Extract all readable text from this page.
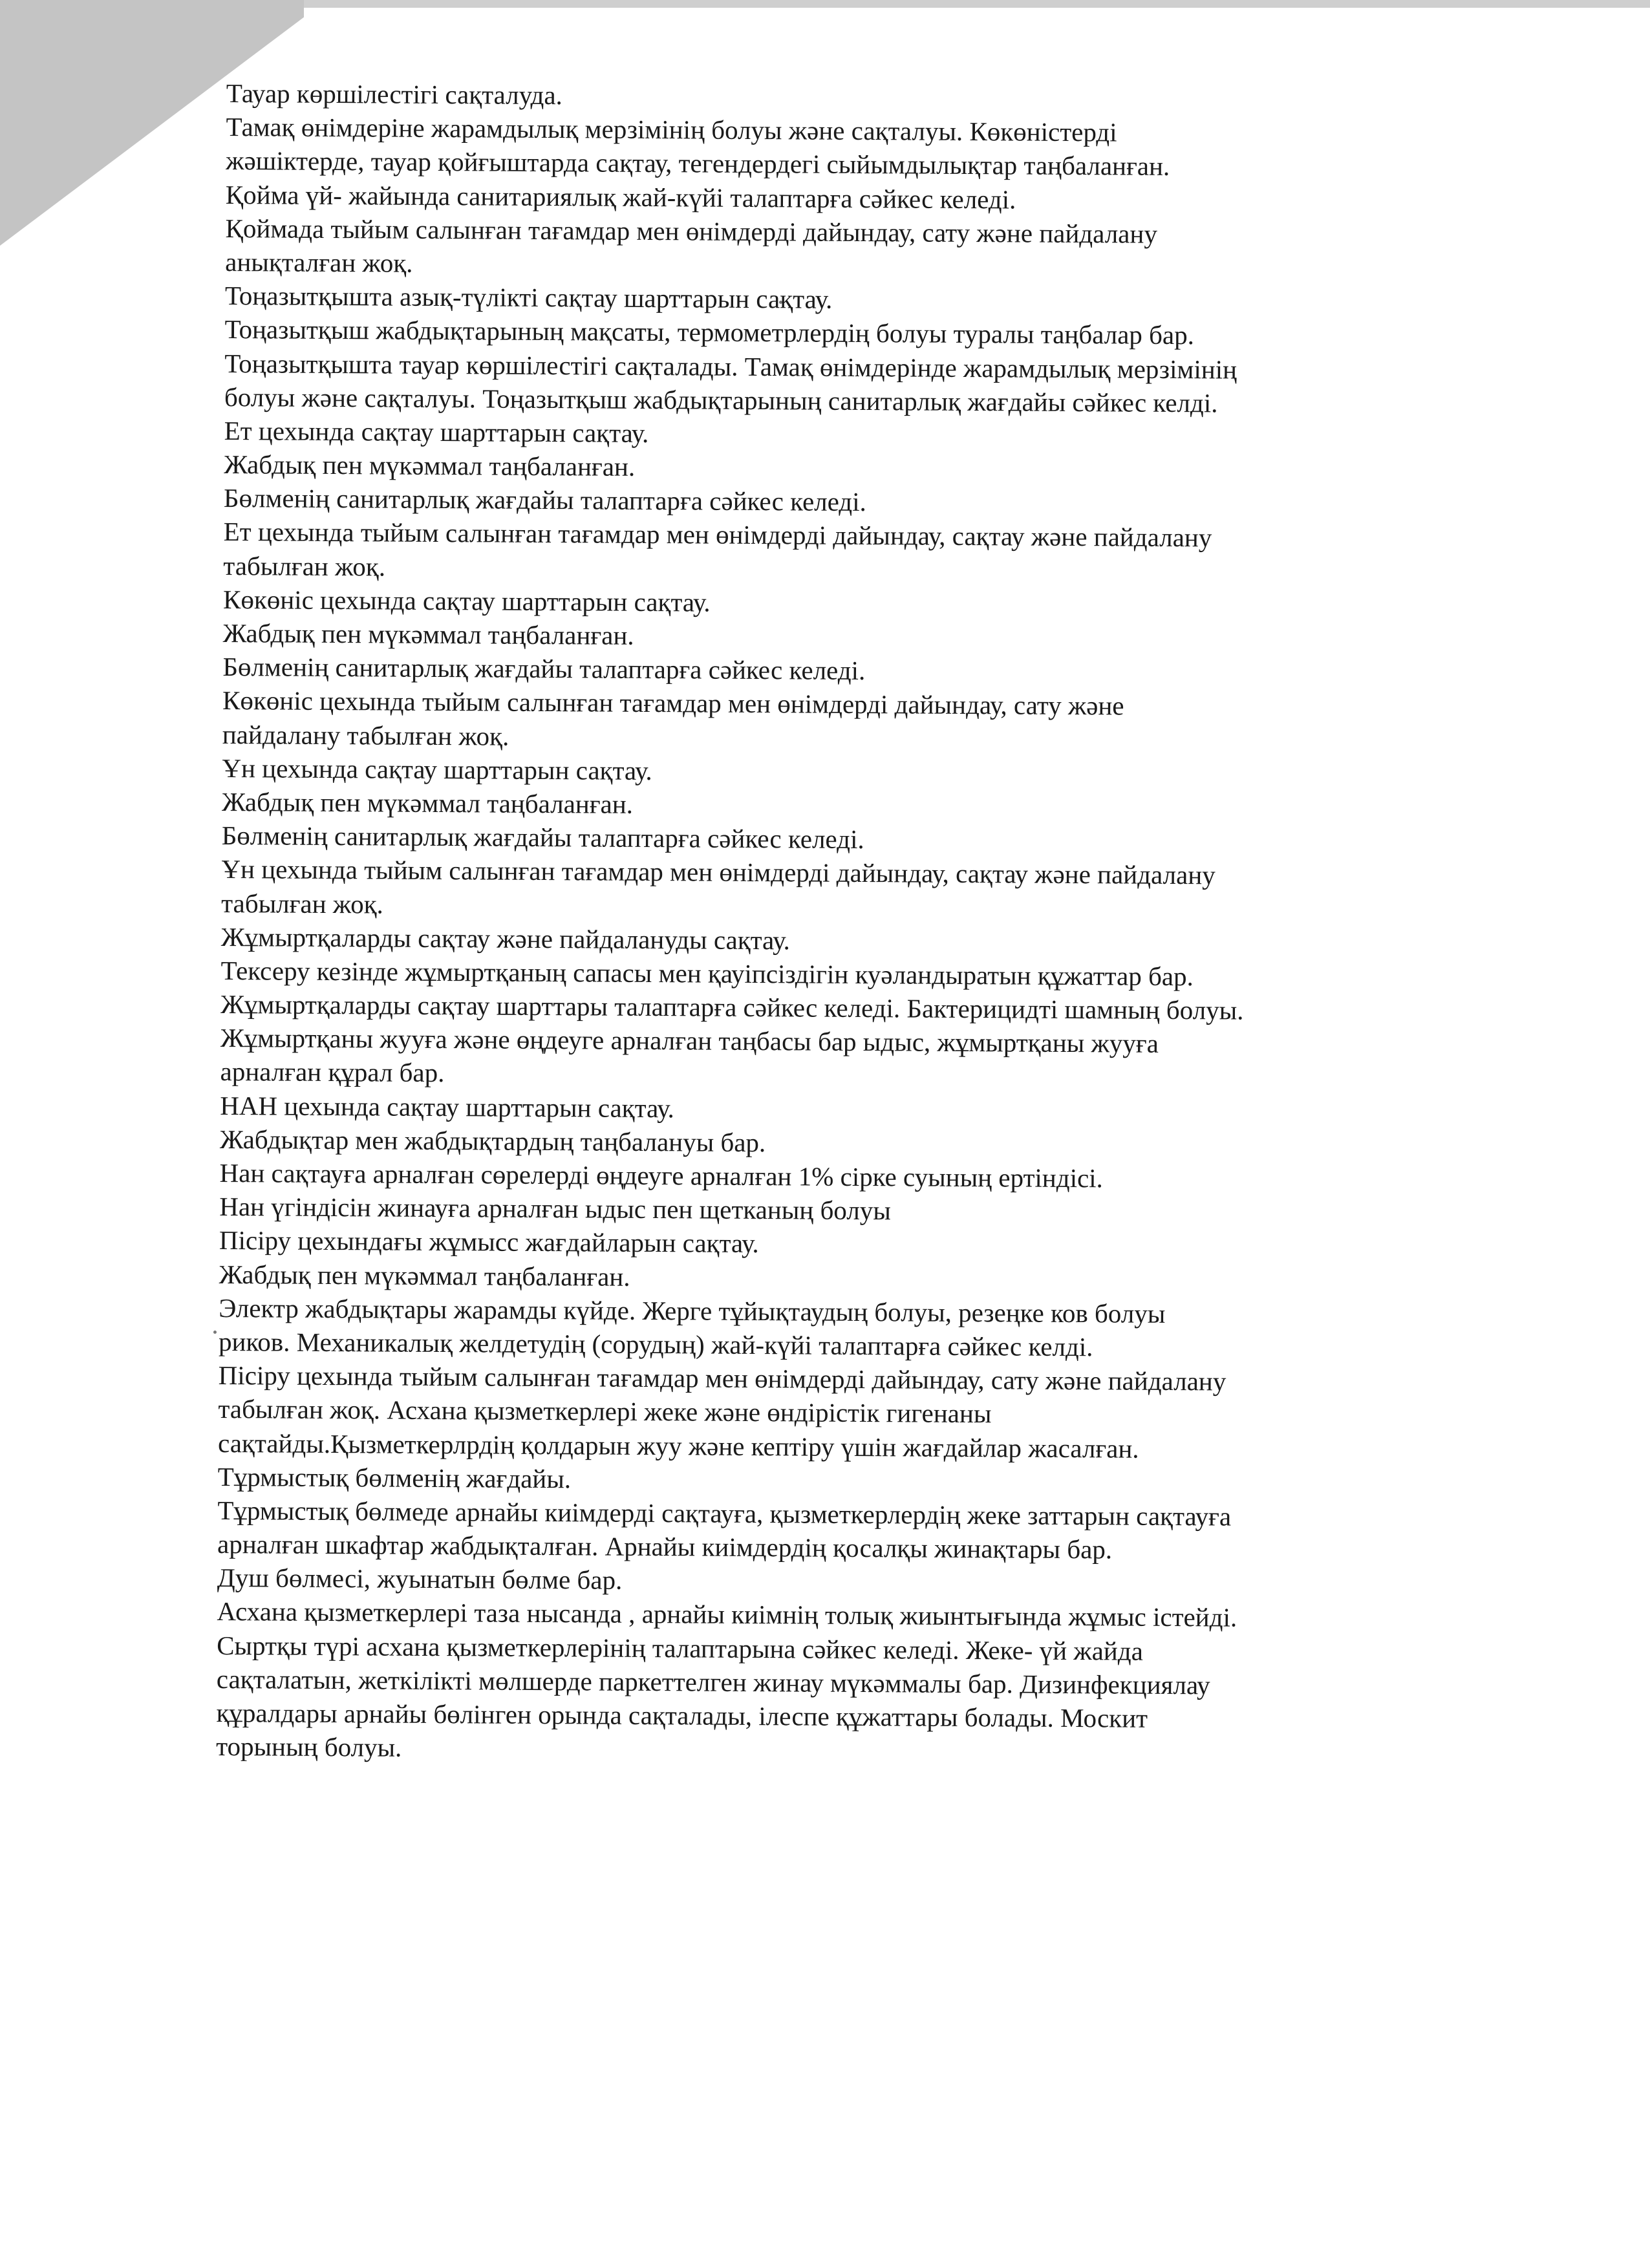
Тауар көршілестігі сақталуда.
Тамақ өнімдеріне жарамдылық мерзімінің болуы және сақталуы. Көкөністерді
жәшіктерде, тауар қойғыштарда сақтау, тегендердегі сыйымдылықтар таңбаланған.
Қойма үй- жайында санитариялық жай-күйі талаптарға сәйкес келеді.
Қоймада тыйым салынған тағамдар мен өнімдерді дайындау, сату және пайдалану
анықталған жоқ.
Тоңазытқышта азық-түлікті сақтау шарттарын сақтау.
Тоңазытқыш жабдықтарының мақсаты, термометрлердің болуы туралы таңбалар бар.
Тоңазытқышта тауар көршілестігі сақталады. Тамақ өнімдерінде жарамдылық мерзімінің
болуы және сақталуы. Тоңазытқыш жабдықтарының санитарлық жағдайы сәйкес келді.
Ет цехында сақтау шарттарын сақтау.
Жабдық пен мүкәммал таңбаланған.
Бөлменің санитарлық жағдайы талаптарға сәйкес келеді.
Ет цехында тыйым салынған тағамдар мен өнімдерді дайындау, сақтау және пайдалану
табылған жоқ.
Көкөніс цехында сақтау шарттарын сақтау.
Жабдық пен мүкәммал таңбаланған.
Бөлменің санитарлық жағдайы талаптарға сәйкес келеді.
Көкөніс цехында тыйым салынған тағамдар мен өнімдерді дайындау, сату және
пайдалану табылған жоқ.
Ұн цехында сақтау шарттарын сақтау.
Жабдық пен мүкәммал таңбаланған.
Бөлменің санитарлық жағдайы талаптарға сәйкес келеді.
Ұн цехында тыйым салынған тағамдар мен өнімдерді дайындау, сақтау және пайдалану
табылған жоқ.
Жұмыртқаларды сақтау және пайдалануды сақтау.
Тексеру кезінде жұмыртқаның сапасы мен қауіпсіздігін куәландыратын құжаттар бар.
Жұмыртқаларды сақтау шарттары талаптарға сәйкес келеді. Бактерицидті шамның болуы.
Жұмыртқаны жууға және өңдеуге арналған таңбасы бар ыдыс, жұмыртқаны жууға
арналған құрал бар.
НАН цехында сақтау шарттарын сақтау.
Жабдықтар мен жабдықтардың таңбалануы бар.
Нан сақтауға арналған сөрелерді өңдеуге арналған 1% сірке суының ертіндісі.
Нан үгіндісін жинауға арналған ыдыс пен щетканың болуы
Пісіру цехындағы жұмысс жағдайларын сақтау.
Жабдық пен мүкәммал таңбаланған.
Электр жабдықтары жарамды күйде. Жерге тұйықтаудың болуы, резеңке ков болуы
риков. Механикалық желдетудің (сорудың) жай-күйі талаптарға сәйкес келді.
Пісіру цехында тыйым салынған тағамдар мен өнімдерді дайындау, сату және пайдалану
табылған жоқ. Асхана қызметкерлері жеке және өндірістік гигенаны
сақтайды.Қызметкерлрдің қолдарын жуу және кептіру үшін жағдайлар жасалған.
Тұрмыстық бөлменің жағдайы.
Тұрмыстық бөлмеде арнайы киімдерді сақтауға, қызметкерлердің жеке заттарын сақтауға
арналған шкафтар жабдықталған. Арнайы киімдердің қосалқы жинақтары бар.
Душ бөлмесі, жуынатын бөлме бар.
Асхана қызметкерлері таза нысанда , арнайы киімнің толық жиынтығында жұмыс істейді.
Сыртқы түрі асхана қызметкерлерінің талаптарына сәйкес келеді. Жеке- үй жайда
сақталатын, жеткілікті мөлшерде паркеттелген жинау мүкәммалы бар. Дизинфекциялау
құралдары арнайы бөлінген орында сақталады, ілеспе құжаттары болады. Москит
торының болуы.
